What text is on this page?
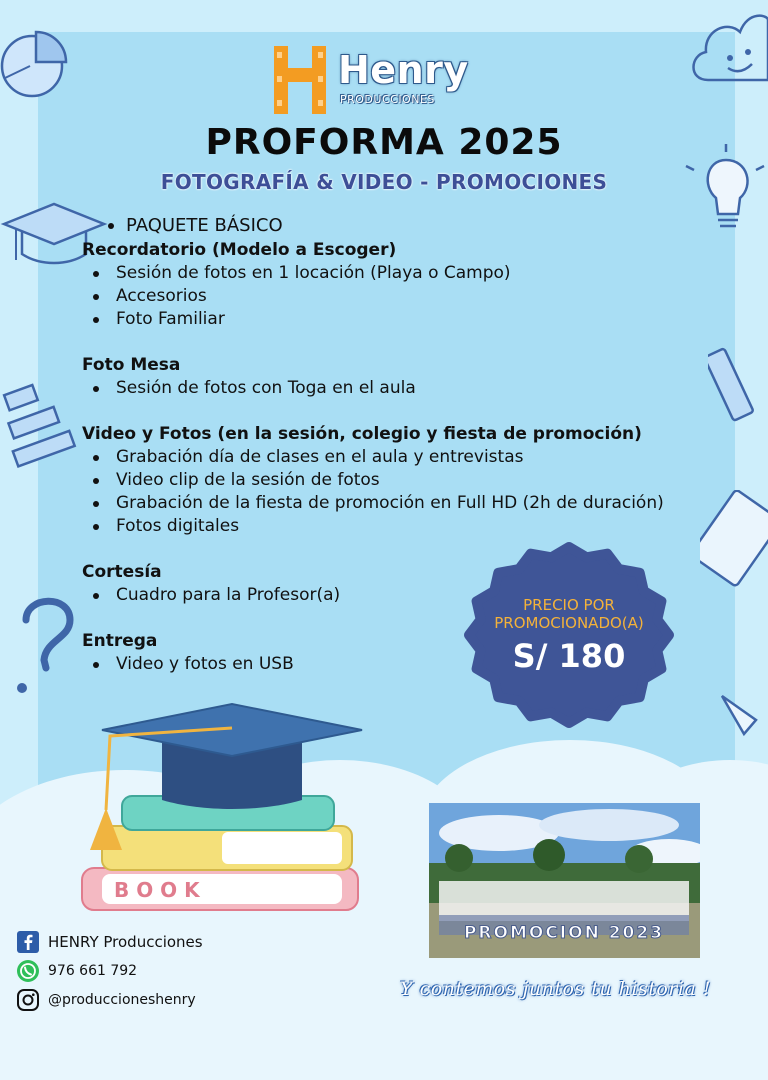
Henry
PRODUCCIONES
PROFORMA 2025
FOTOGRAFÍA & VIDEO - PROMOCIONES
PAQUETE BÁSICO
Recordatorio (Modelo a Escoger)
Sesión de fotos en 1 locación (Playa o Campo)
Accesorios
Foto Familiar
Foto Mesa
Sesión de fotos con Toga en el aula
Video y Fotos (en la sesión, colegio y fiesta de promoción)
Grabación día de clases en el aula y entrevistas
Video clip de la sesión de fotos
Grabación de la fiesta de promoción en Full HD (2h de duración)
Fotos digitales
Cortesía
Cuadro para la Profesor(a)
Entrega
Video y fotos en USB
PRECIO POR
PROMOCIONADO(A)
S/ 180
B O O K
PROMOCION 2023
HENRY Producciones
976 661 792
@produccioneshenry	Y contemos juntos tu historia !
